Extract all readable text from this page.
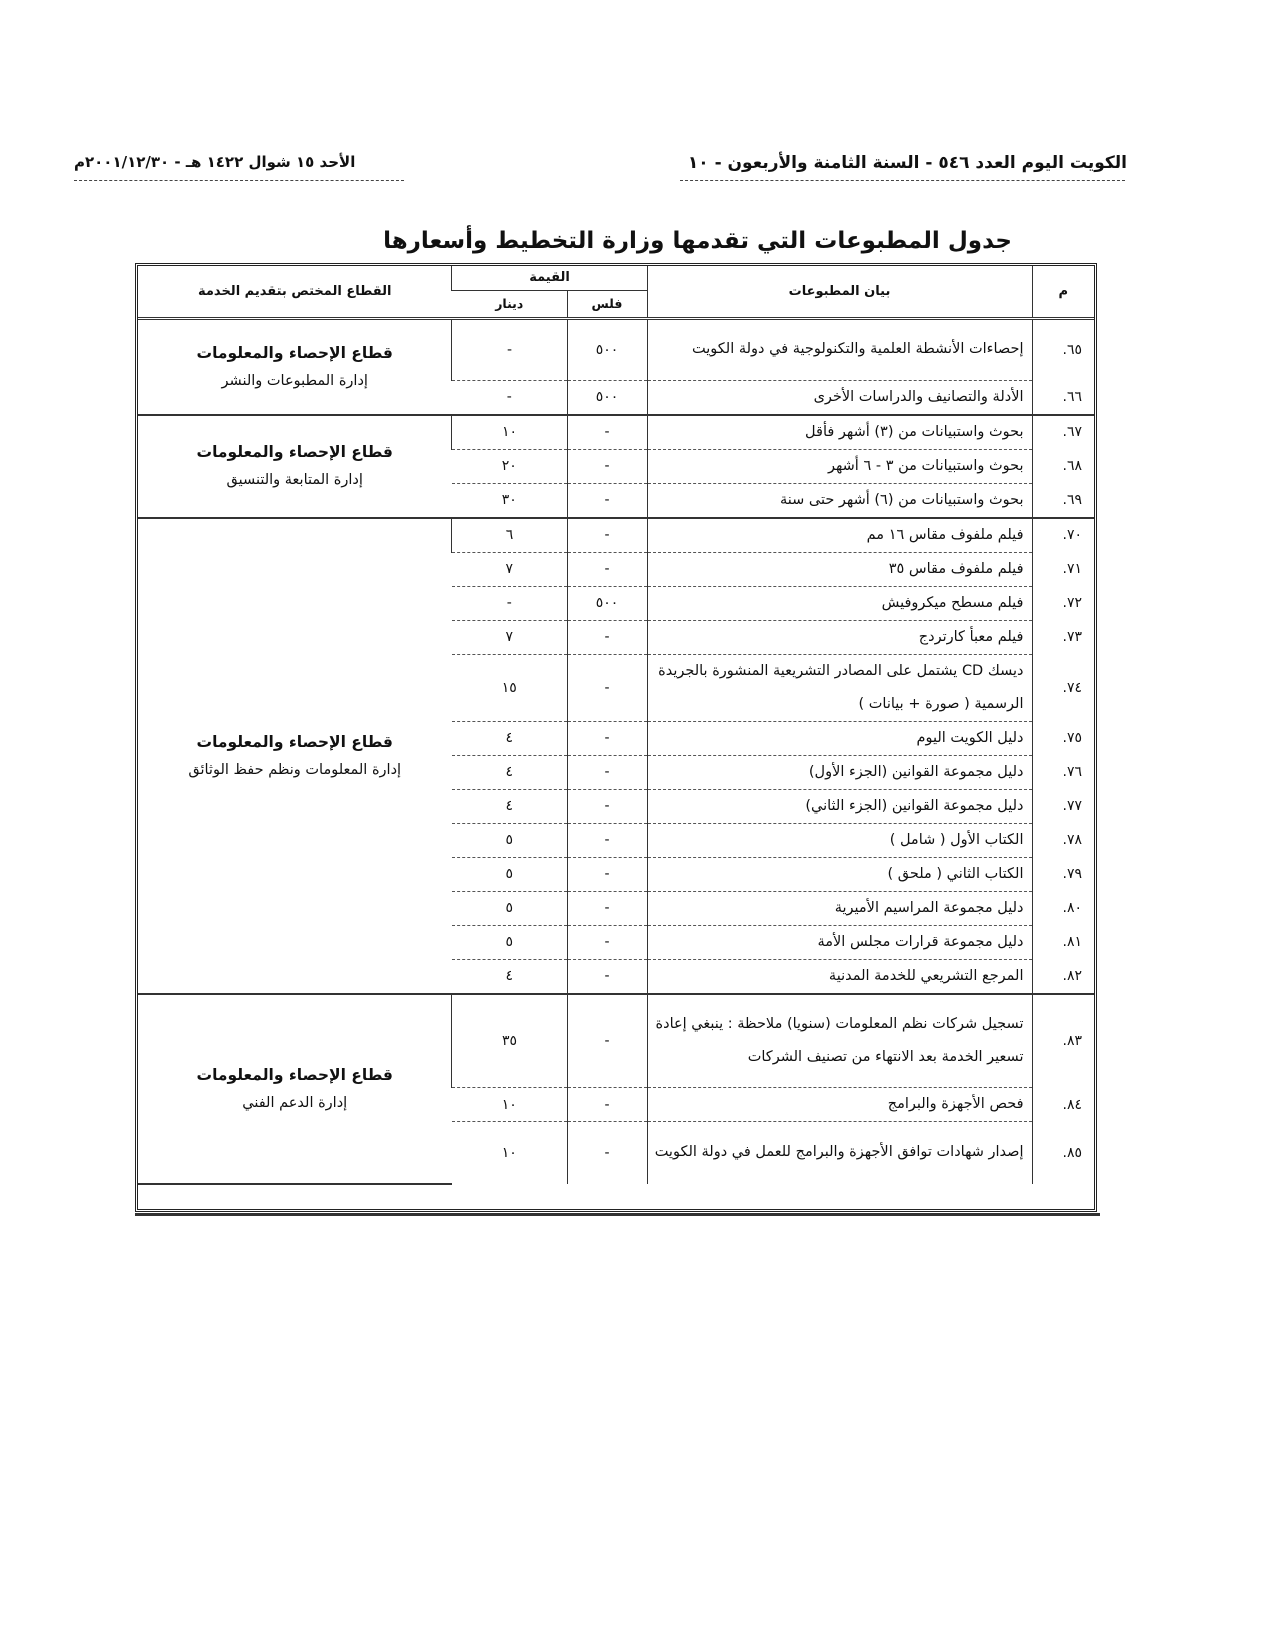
الكويت اليوم العدد ٥٤٦ - السنة الثامنة والأربعون - ١٠
الأحد ١٥ شوال ١٤٢٢ هـ - ٢٠٠١/١٢/٣٠م
جدول المطبوعات التي تقدمها وزارة التخطيط وأسعارها
م	بيان المطبوعات	القيمة		القطاع المختص بتقديم الخدمة
		فلس	دينار	
٦٥.	إحصاءات الأنشطة العلمية والتكنولوجية في دولة الكويت	٥٠٠	-	قطاع الإحصاء والمعلومات
إدارة المطبوعات والنشر

٦٦.	الأدلة والتصانيف والدراسات الأخرى	٥٠٠	-	
٦٧.	بحوث واستبيانات من (٣) أشهر فأقل	-	١٠	قطاع الإحصاء والمعلومات
إدارة المتابعة والتنسيق

٦٨.	بحوث واستبيانات من ٣ - ٦ أشهر	-	٢٠	
٦٩.	بحوث واستبيانات من (٦) أشهر حتى سنة	-	٣٠	
٧٠.	فيلم ملفوف مقاس ١٦ مم	-	٦	قطاع الإحصاء والمعلومات
إدارة المعلومات ونظم حفظ الوثائق

٧١.	فيلم ملفوف مقاس ٣٥	-	٧	
٧٢.	فيلم مسطح ميكروفيش	٥٠٠	-	
٧٣.	فيلم معبأ كارتردج	-	٧	
٧٤.	ديسك CD يشتمل على المصادر التشريعية المنشورة بالجريدة الرسمية ( صورة + بيانات )	-	١٥	
٧٥.	دليل الكويت اليوم	-	٤	
٧٦.	دليل مجموعة القوانين (الجزء الأول)	-	٤	
٧٧.	دليل مجموعة القوانين (الجزء الثاني)	-	٤	
٧٨.	الكتاب الأول ( شامل )	-	٥	
٧٩.	الكتاب الثاني ( ملحق )	-	٥	
٨٠.	دليل مجموعة المراسيم الأميرية	-	٥	
٨١.	دليل مجموعة قرارات مجلس الأمة	-	٥	
٨٢.	المرجع التشريعي للخدمة المدنية	-	٤	
٨٣.	تسجيل شركات نظم المعلومات (سنويا) ملاحظة : ينبغي إعادة تسعير الخدمة بعد الانتهاء من تصنيف الشركات	-	٣٥	قطاع الإحصاء والمعلومات
إدارة الدعم الفني

٨٤.	فحص الأجهزة والبرامج	-	١٠	
٨٥.	إصدار شهادات توافق الأجهزة والبرامج للعمل في دولة الكويت	-	١٠	
